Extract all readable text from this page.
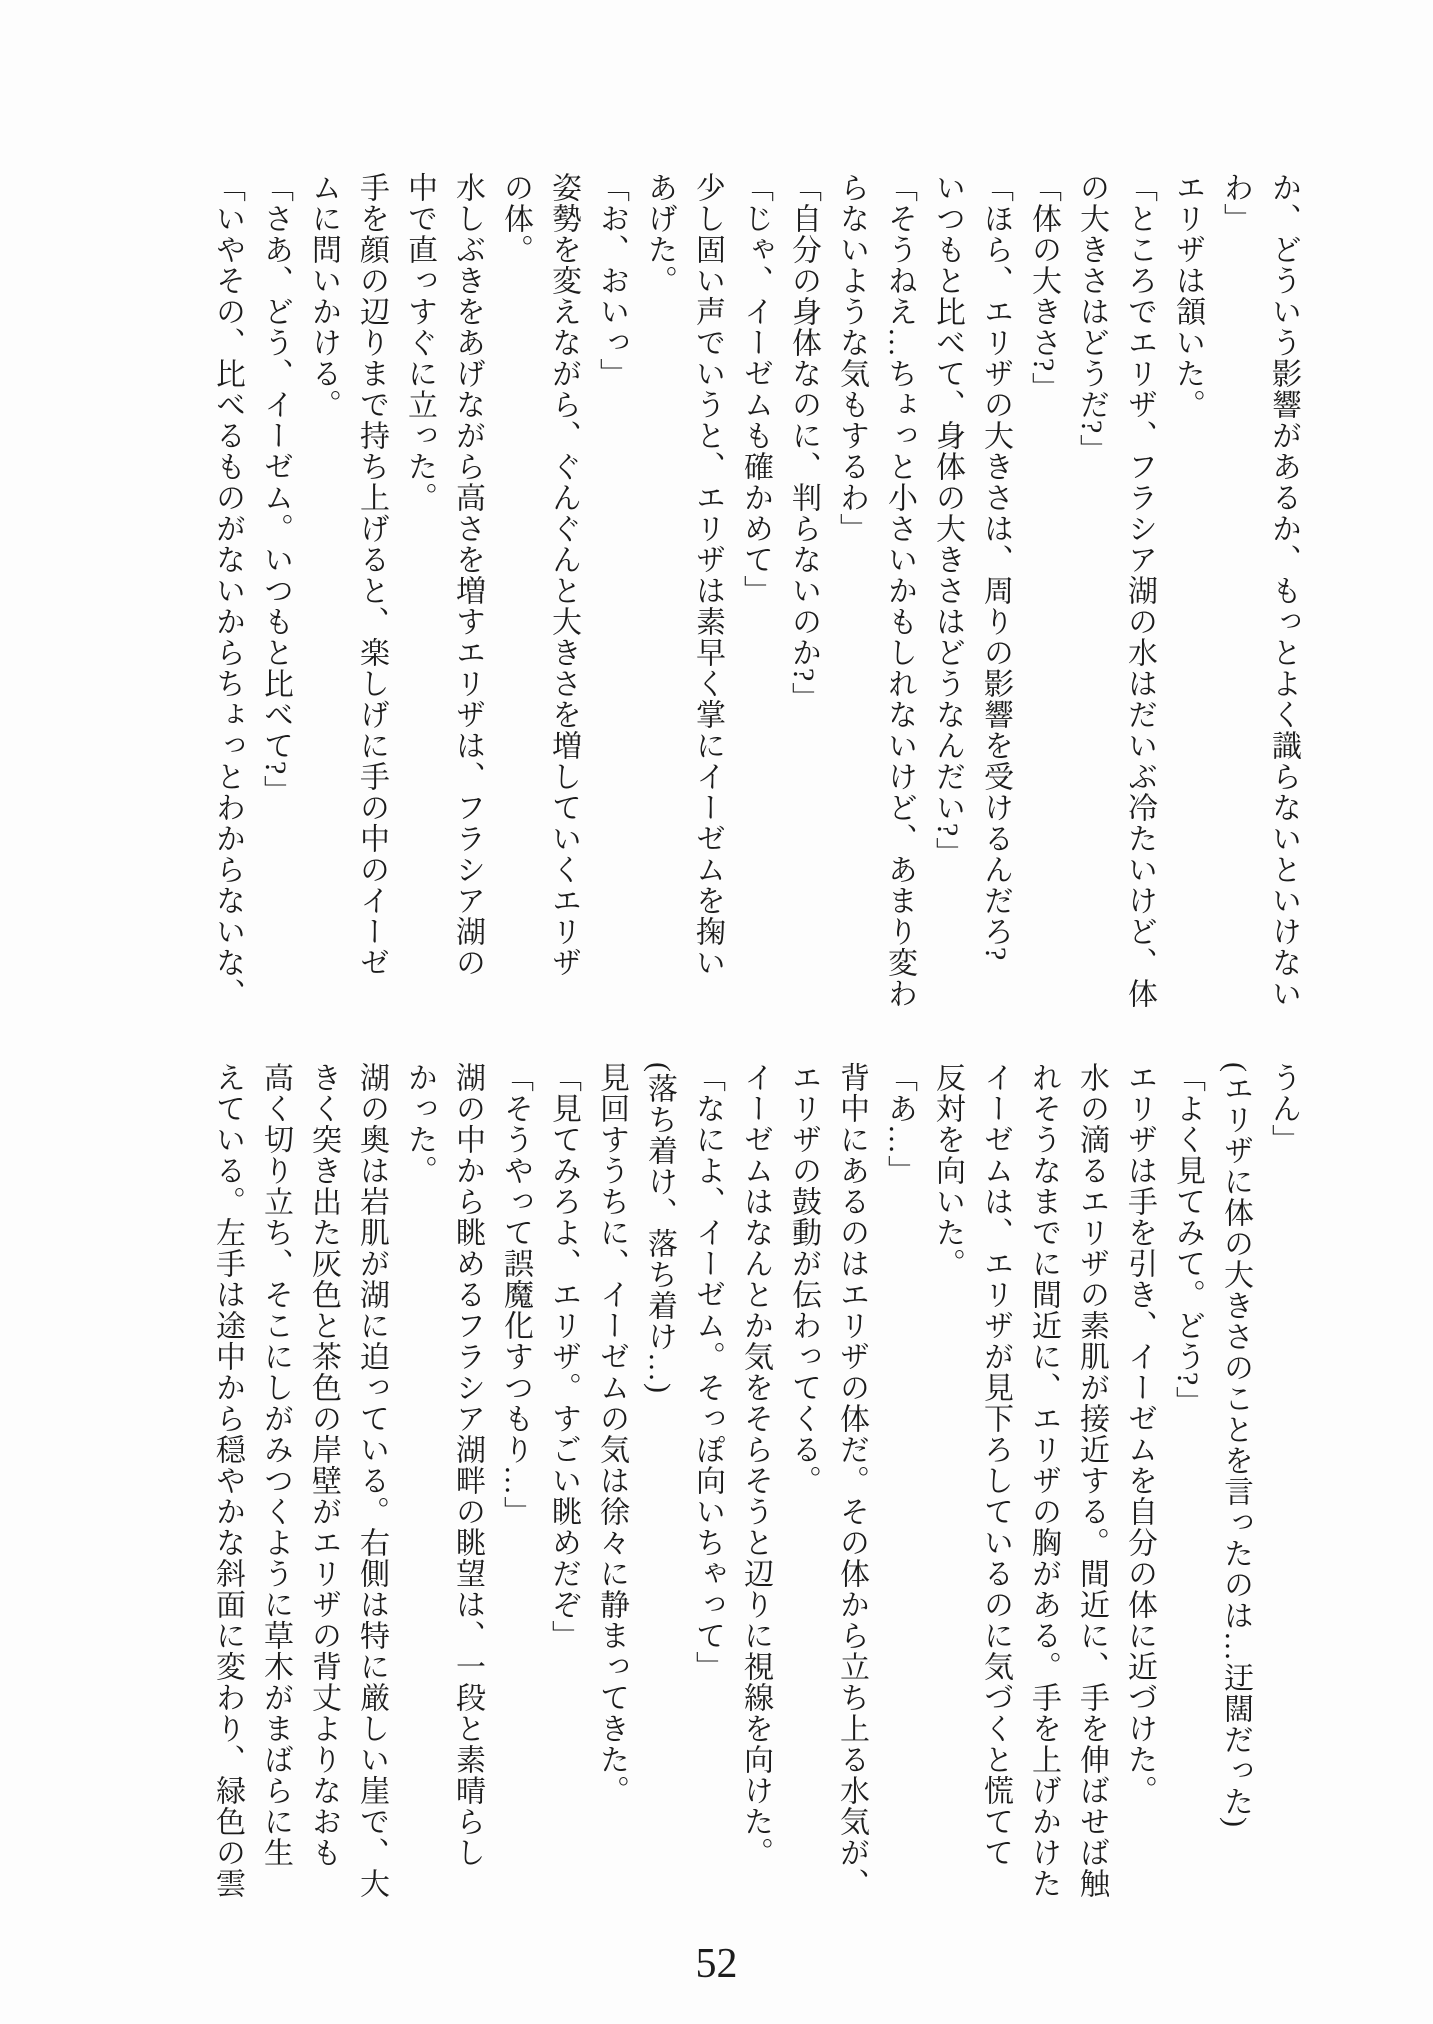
か、どういう影響があるか、もっとよく識らないといけない
わ」
エリザは頷いた。
「ところでエリザ、フラシア湖の水はだいぶ冷たいけど、体
の大きさはどうだ?」
「体の大きさ?」
「ほら、エリザの大きさは、周りの影響を受けるんだろ?
いつもと比べて、身体の大きさはどうなんだい?」
「そうねえ…ちょっと小さいかもしれないけど、あまり変わ
らないような気もするわ」
「自分の身体なのに、判らないのか?」
「じゃ、イーゼムも確かめて」
少し固い声でいうと、エリザは素早く掌にイーゼムを掬い
あげた。
「お、おいっ」
姿勢を変えながら、ぐんぐんと大きさを増していくエリザ
の体。
水しぶきをあげながら高さを増すエリザは、フラシア湖の
中で直っすぐに立った。
手を顔の辺りまで持ち上げると、楽しげに手の中のイーゼ
ムに問いかける。
「さあ、どう、イーゼム。いつもと比べて?」
「いやその、比べるものがないからちょっとわからないな、
うん」
(エリザに体の大きさのことを言ったのは…迂闊だった)
「よく見てみて。どう?」
エリザは手を引き、イーゼムを自分の体に近づけた。
水の滴るエリザの素肌が接近する。間近に、手を伸ばせば触
れそうなまでに間近に、エリザの胸がある。手を上げかけた
イーゼムは、エリザが見下ろしているのに気づくと慌てて
反対を向いた。
「あ…」
背中にあるのはエリザの体だ。その体から立ち上る水気が、
エリザの鼓動が伝わってくる。
イーゼムはなんとか気をそらそうと辺りに視線を向けた。
「なによ、イーゼム。そっぽ向いちゃって」
(落ち着け、落ち着け…)
見回すうちに、イーゼムの気は徐々に静まってきた。
「見てみろよ、エリザ。すごい眺めだぞ」
「そうやって誤魔化すつもり…」
湖の中から眺めるフラシア湖畔の眺望は、一段と素晴らし
かった。
湖の奥は岩肌が湖に迫っている。右側は特に厳しい崖で、大
きく突き出た灰色と茶色の岸壁がエリザの背丈よりなおも
高く切り立ち、そこにしがみつくように草木がまばらに生
えている。左手は途中から穏やかな斜面に変わり、緑色の雲
52
